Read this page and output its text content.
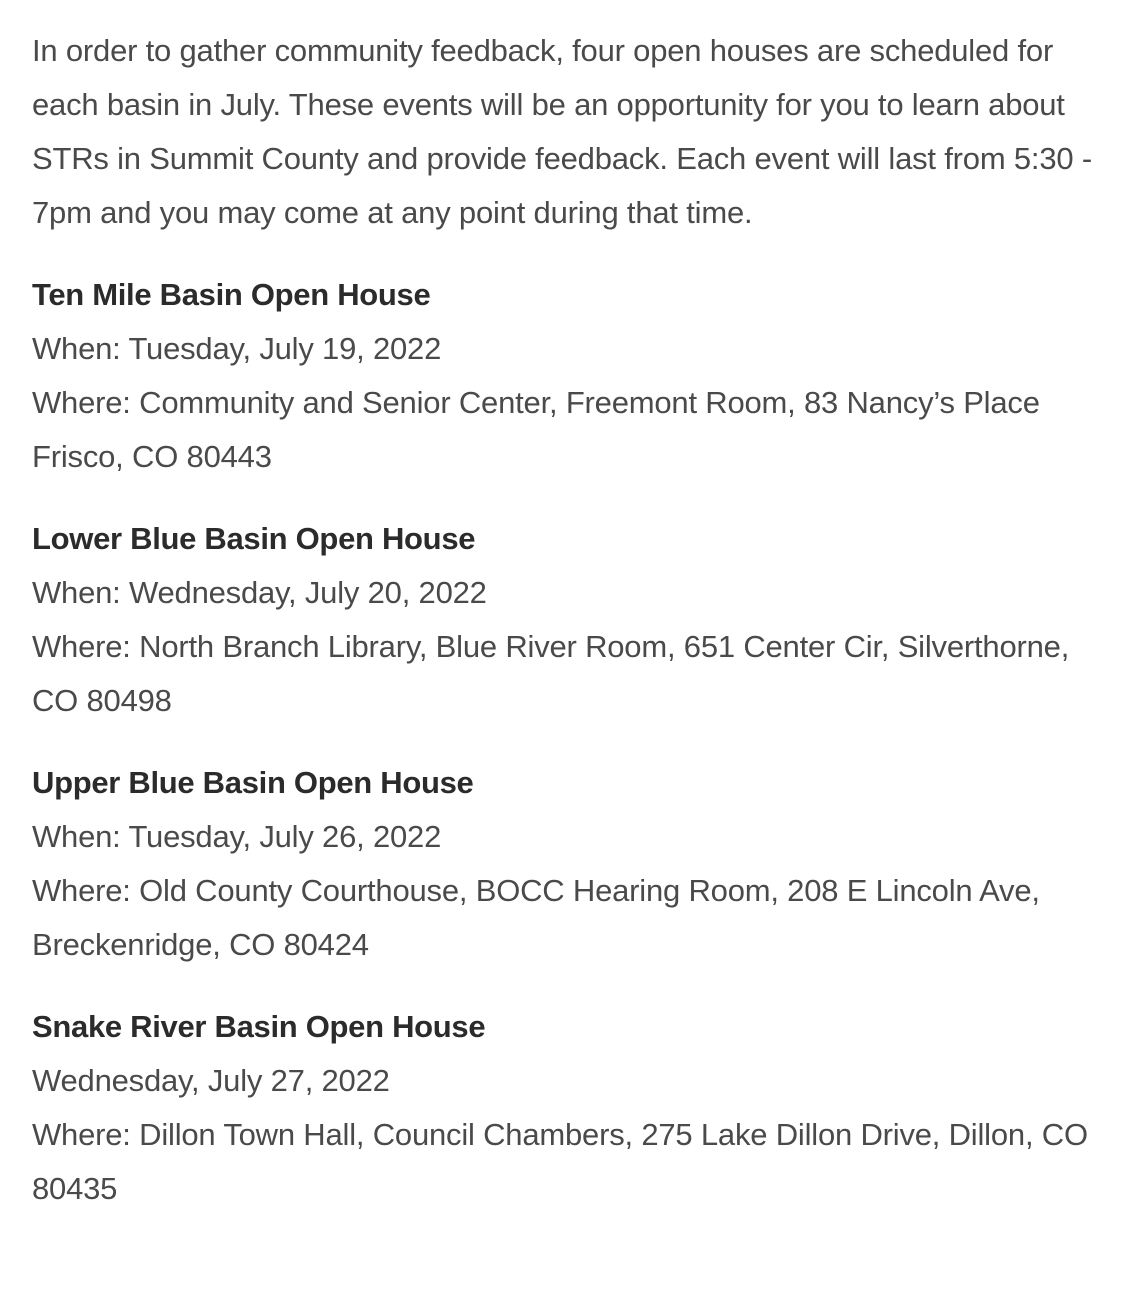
In order to gather community feedback, four open houses are scheduled for each basin in July. These events will be an opportunity for you to learn about STRs in Summit County and provide feedback. Each event will last from 5:30 - 7pm and you may come at any point during that time.

Ten Mile Basin Open House

When: Tuesday, July 19, 2022

Where: Community and Senior Center, Freemont Room, 83 Nancy’s Place Frisco, CO 80443

Lower Blue Basin Open House

When: Wednesday, July 20, 2022

Where: North Branch Library, Blue River Room, 651 Center Cir, Silverthorne, CO 80498

Upper Blue Basin Open House

When: Tuesday, July 26, 2022

Where: Old County Courthouse, BOCC Hearing Room, 208 E Lincoln Ave, Breckenridge, CO 80424

Snake River Basin Open House

Wednesday, July 27, 2022

Where: Dillon Town Hall, Council Chambers, 275 Lake Dillon Drive, Dillon, CO 80435
